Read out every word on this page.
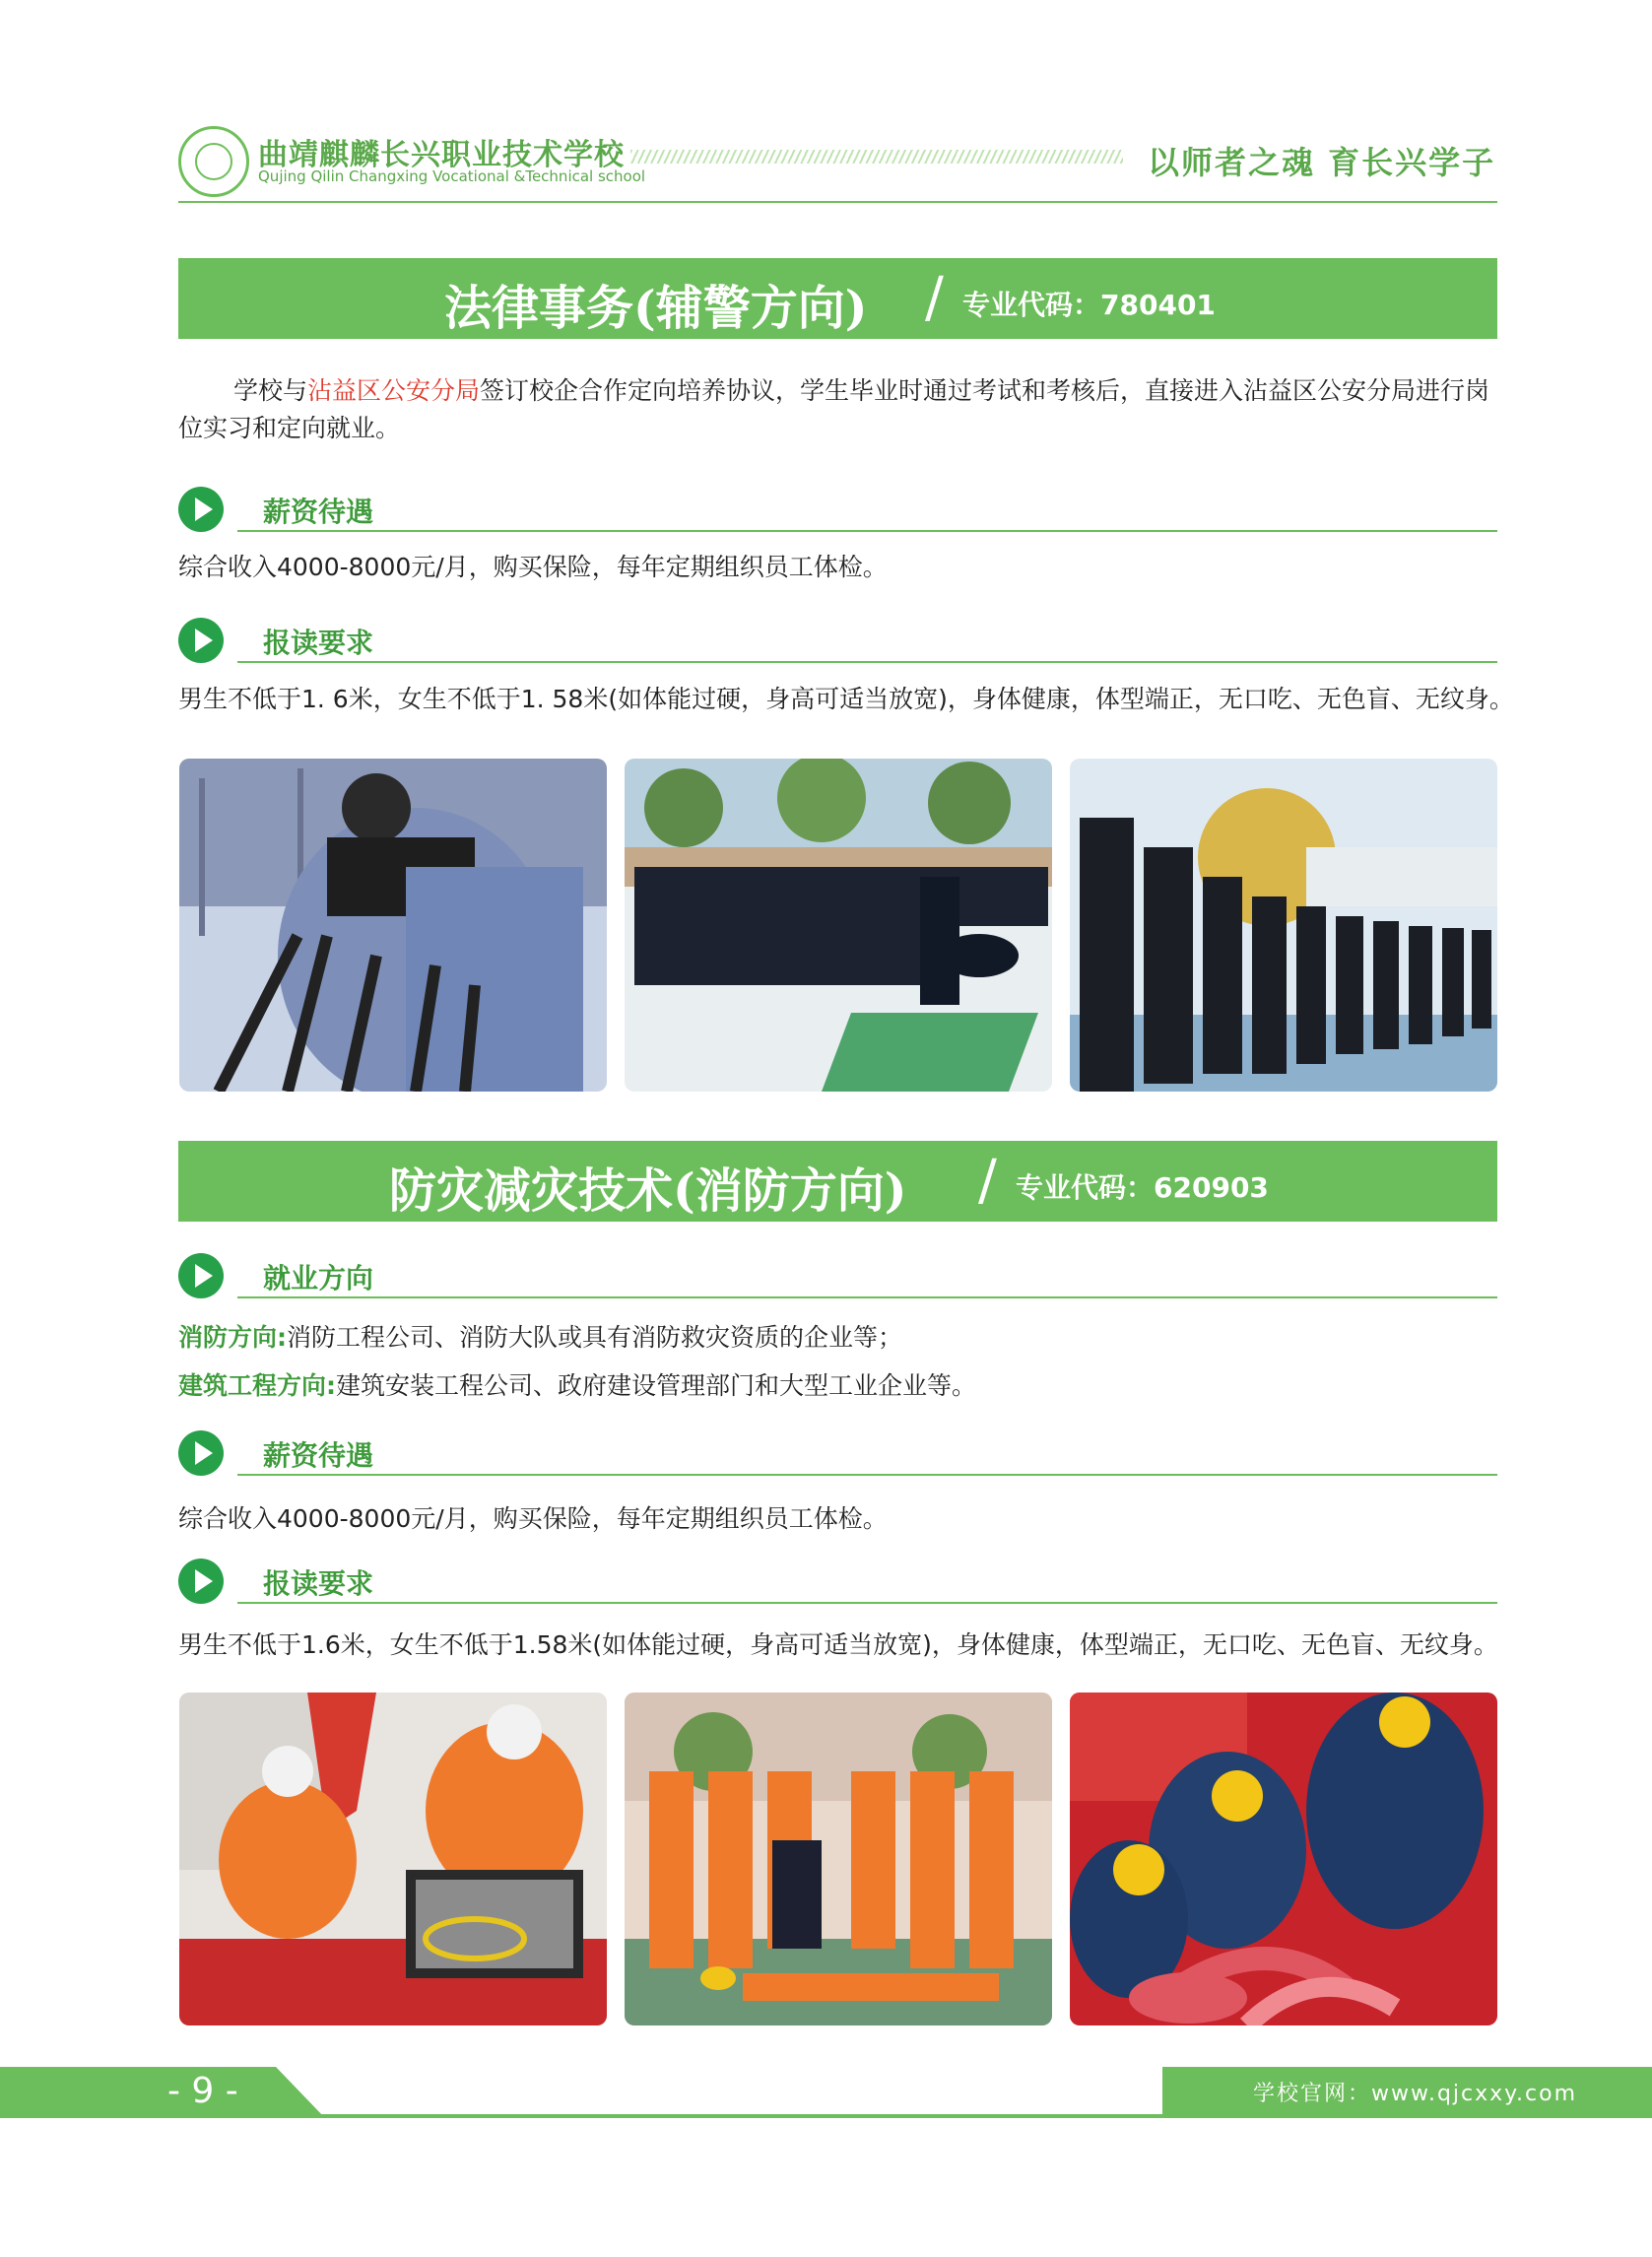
曲靖麒麟长兴职业技术学校
Qujing Qilin Changxing Vocational &Technical school	以师者之魂 育长兴学子
法律事务(辅警方向) / 专业代码：780401
学校与沾益区公安分局签订校企合作定向培养协议，学生毕业时通过考试和考核后，直接进入沾益区公安分局进行岗位实习和定向就业。
薪资待遇
综合收入4000-8000元/月，购买保险，每年定期组织员工体检。
报读要求
男生不低于1. 6米，女生不低于1. 58米(如体能过硬，身高可适当放宽)，身体健康，体型端正，无口吃、无色盲、无纹身。
防灾减灾技术(消防方向) / 专业代码：620903
就业方向
消防方向:消防工程公司、消防大队或具有消防救灾资质的企业等；
建筑工程方向:建筑安装工程公司、政府建设管理部门和大型工业企业等。
薪资待遇
综合收入4000-8000元/月，购买保险，每年定期组织员工体检。
报读要求
男生不低于1.6米，女生不低于1.58米(如体能过硬，身高可适当放宽)，身体健康，体型端正，无口吃、无色盲、无纹身。
- 9 -	学校官网：www.qjcxxy.com
